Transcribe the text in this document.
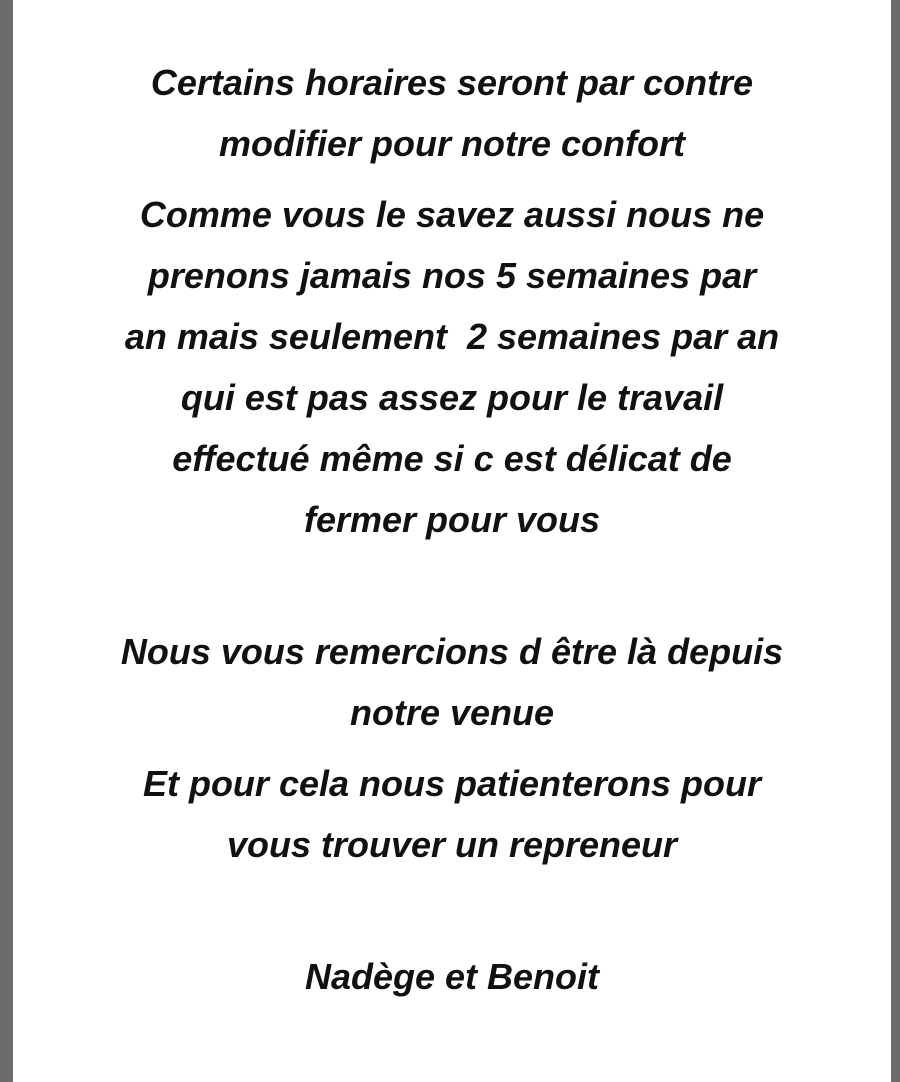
Certains horaires seront par contre
modifier pour notre confort
Comme vous le savez aussi nous ne
prenons jamais nos 5 semaines par
an mais seulement  2 semaines par an
qui est pas assez pour le travail
effectué même si c est délicat de
fermer pour vous
Nous vous remercions d être là depuis
notre venue
Et pour cela nous patienterons pour
vous trouver un repreneur
Nadège et Benoit
